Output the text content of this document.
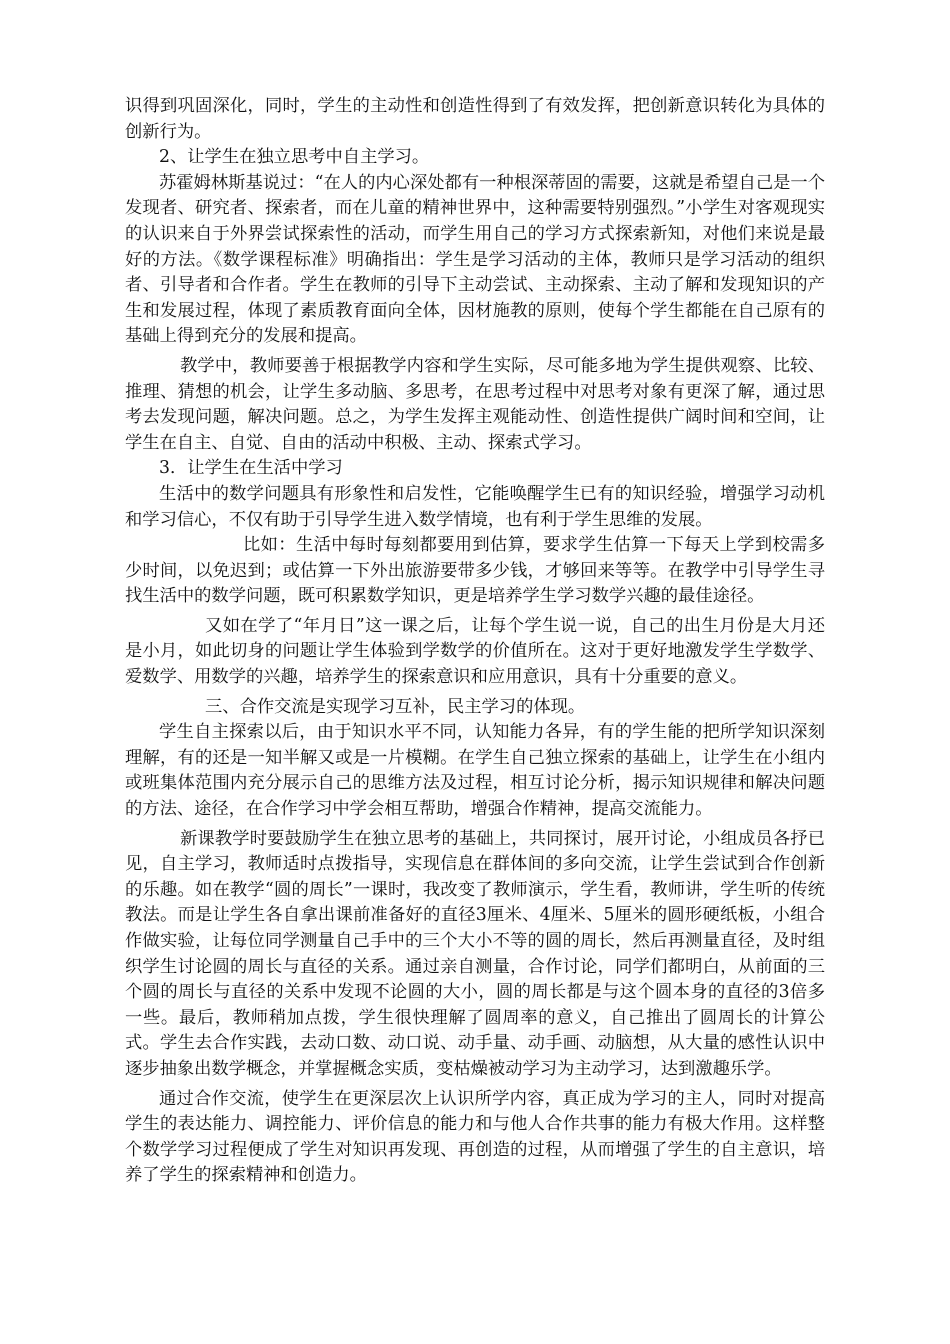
识得到巩固深化，同时，学生的主动性和创造性得到了有效发挥，把创新意识转化为具体的创新行为。

2、让学生在独立思考中自主学习。

苏霍姆林斯基说过：“在人的内心深处都有一种根深蒂固的需要，这就是希望自己是一个发现者、研究者、探索者，而在儿童的精神世界中，这种需要特别强烈。”小学生对客观现实的认识来自于外界尝试探索性的活动，而学生用自己的学习方式探索新知，对他们来说是最好的方法。《数学课程标准》明确指出：学生是学习活动的主体，教师只是学习活动的组织者、引导者和合作者。学生在教师的引导下主动尝试、主动探索、主动了解和发现知识的产生和发展过程，体现了素质教育面向全体，因材施教的原则，使每个学生都能在自己原有的基础上得到充分的发展和提高。

教学中，教师要善于根据教学内容和学生实际，尽可能多地为学生提供观察、比较、推理、猜想的机会，让学生多动脑、多思考，在思考过程中对思考对象有更深了解，通过思考去发现问题，解决问题。总之，为学生发挥主观能动性、创造性提供广阔时间和空间，让学生在自主、自觉、自由的活动中积极、主动、探索式学习。

3．让学生在生活中学习

生活中的数学问题具有形象性和启发性，它能唤醒学生已有的知识经验，增强学习动机和学习信心，不仅有助于引导学生进入数学情境，也有利于学生思维的发展。

比如：生活中每时每刻都要用到估算，要求学生估算一下每天上学到校需多少时间，以免迟到；或估算一下外出旅游要带多少钱，才够回来等等。在教学中引导学生寻找生活中的数学问题，既可积累数学知识，更是培养学生学习数学兴趣的最佳途径。

又如在学了“年月日”这一课之后，让每个学生说一说，自己的出生月份是大月还是小月，如此切身的问题让学生体验到学数学的价值所在。这对于更好地激发学生学数学、爱数学、用数学的兴趣，培养学生的探索意识和应用意识，具有十分重要的意义。

三、合作交流是实现学习互补，民主学习的体现。

学生自主探索以后，由于知识水平不同，认知能力各异，有的学生能的把所学知识深刻理解，有的还是一知半解又或是一片模糊。在学生自己独立探索的基础上，让学生在小组内或班集体范围内充分展示自己的思维方法及过程，相互讨论分析，揭示知识规律和解决问题的方法、途径，在合作学习中学会相互帮助，增强合作精神，提高交流能力。

新课教学时要鼓励学生在独立思考的基础上，共同探讨，展开讨论，小组成员各抒已见，自主学习，教师适时点拨指导，实现信息在群体间的多向交流，让学生尝试到合作创新的乐趣。如在教学“圆的周长”一课时，我改变了教师演示，学生看，教师讲，学生听的传统教法。而是让学生各自拿出课前准备好的直径3厘米、4厘米、5厘米的圆形硬纸板，小组合作做实验，让每位同学测量自己手中的三个大小不等的圆的周长，然后再测量直径，及时组织学生讨论圆的周长与直径的关系。通过亲自测量，合作讨论，同学们都明白，从前面的三个圆的周长与直径的关系中发现不论圆的大小，圆的周长都是与这个圆本身的直径的3倍多一些。最后，教师稍加点拨，学生很快理解了圆周率的意义，自己推出了圆周长的计算公式。学生去合作实践，去动口数、动口说、动手量、动手画、动脑想，从大量的感性认识中逐步抽象出数学概念，并掌握概念实质，变枯燥被动学习为主动学习，达到激趣乐学。

通过合作交流，使学生在更深层次上认识所学内容，真正成为学习的主人，同时对提高学生的表达能力、调控能力、评价信息的能力和与他人合作共事的能力有极大作用。这样整个数学学习过程便成了学生对知识再发现、再创造的过程，从而增强了学生的自主意识，培养了学生的探索精神和创造力。
